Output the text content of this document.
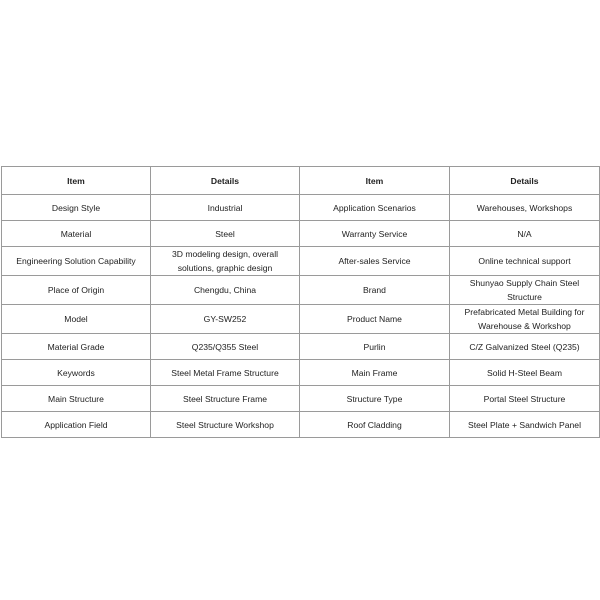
Item	Details	Item	Details
Design Style	Industrial	Application Scenarios	Warehouses, Workshops
Material	Steel	Warranty Service	N/A
Engineering Solution Capability	3D modeling design, overall solutions, graphic design	After-sales Service	Online technical support
Place of Origin	Chengdu, China	Brand	Shunyao Supply Chain Steel Structure
Model	GY-SW252	Product Name	Prefabricated Metal Building for Warehouse & Workshop
Material Grade	Q235/Q355 Steel	Purlin	C/Z Galvanized Steel (Q235)
Keywords	Steel Metal Frame Structure	Main Frame	Solid H-Steel Beam
Main Structure	Steel Structure Frame	Structure Type	Portal Steel Structure
Application Field	Steel Structure Workshop	Roof Cladding	Steel Plate + Sandwich Panel
